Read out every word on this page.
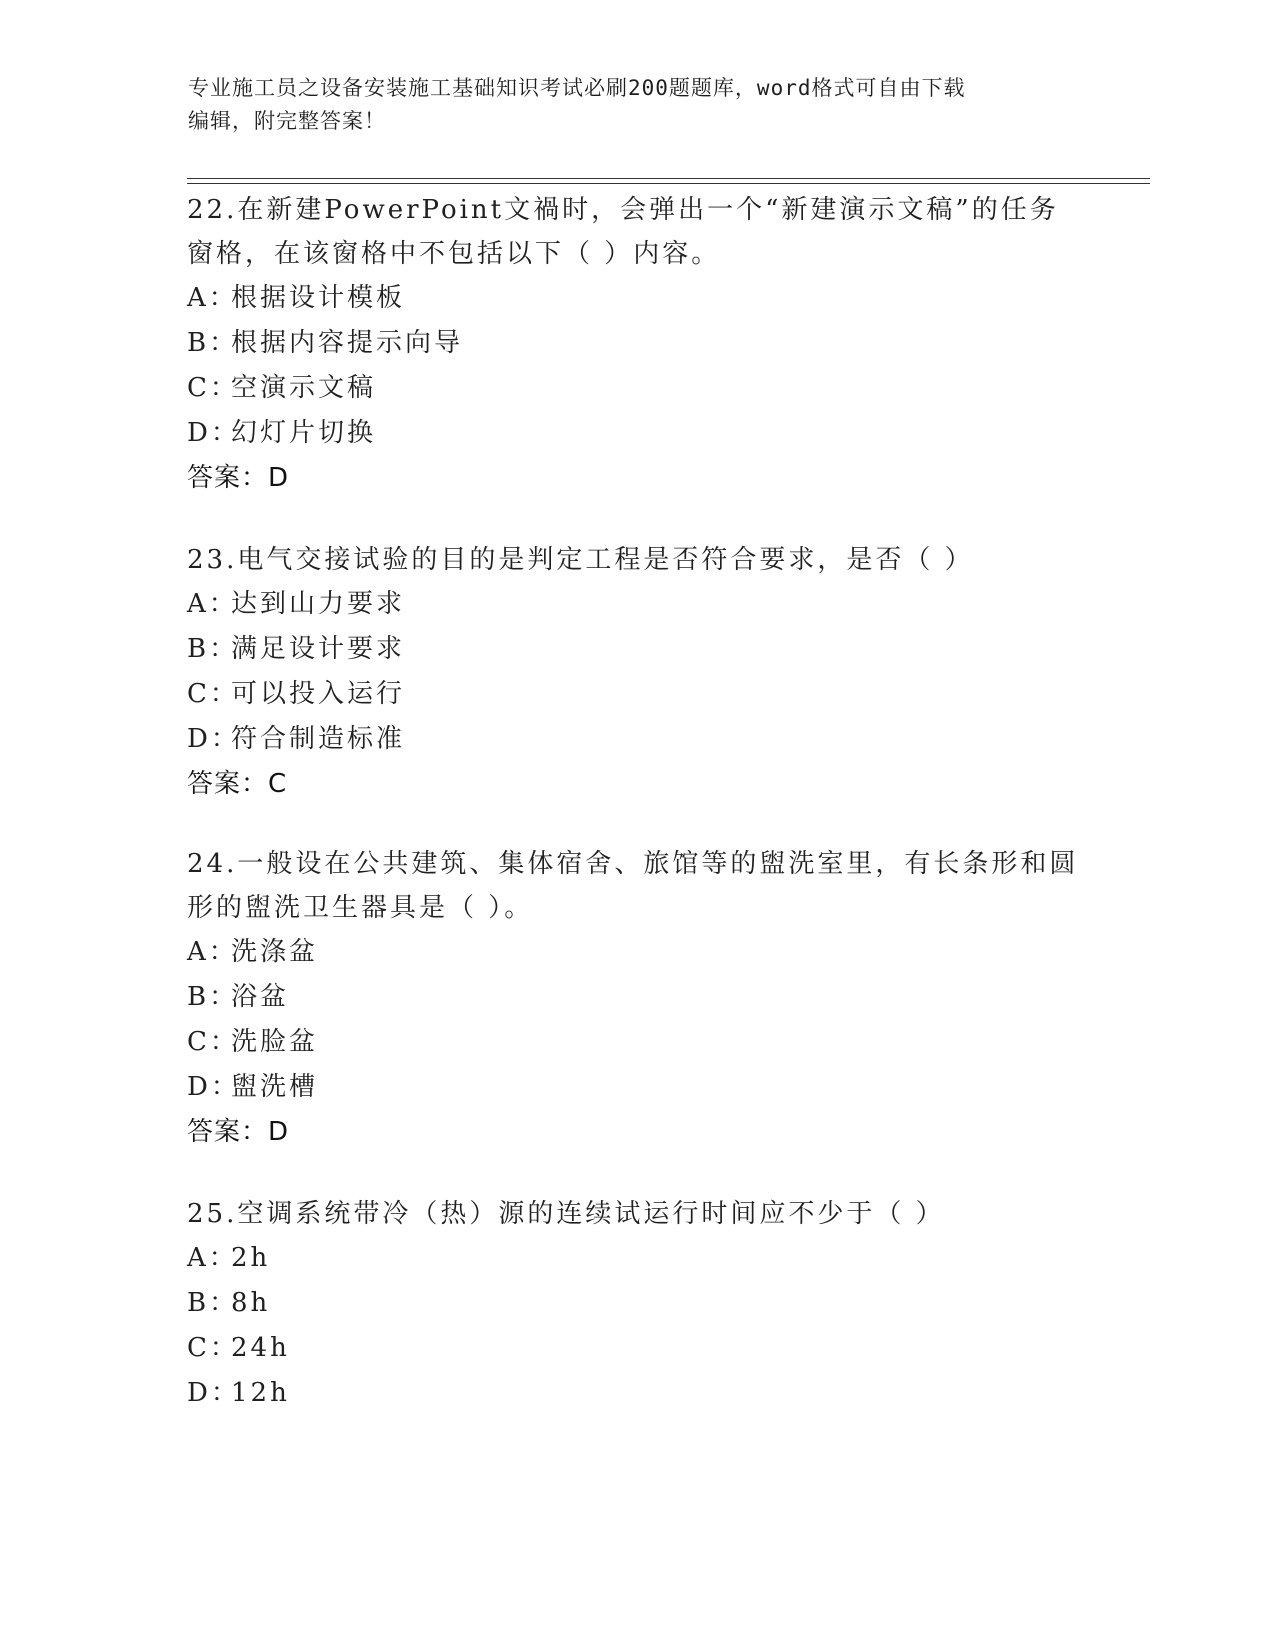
专业施工员之设备安装施工基础知识考试必刷200题题库，word格式可自由下载
编辑，附完整答案！
22.在新建PowerPoint文禍时，会弹出一个“新建演示文稿”的任务
窗格，在该窗格中不包括以下（ ）内容。
A：根据设计模板
B：根据内容提示向导
C：空演示文稿
D：幻灯片切换
答案：D
23.电气交接试验的目的是判定工程是否符合要求，是否（ ）
A：达到山力要求
B：满足设计要求
C：可以投入运行
D：符合制造标准
答案：C
24.一般设在公共建筑、集体宿舍、旅馆等的盥洗室里，有长条形和圆
形的盥洗卫生器具是（ ）。
A：洗涤盆
B：浴盆
C：洗脸盆
D：盥洗槽
答案：D
25.空调系统带冷（热）源的连续试运行时间应不少于（ ）
A：2h
B：8h
C：24h
D：12h
